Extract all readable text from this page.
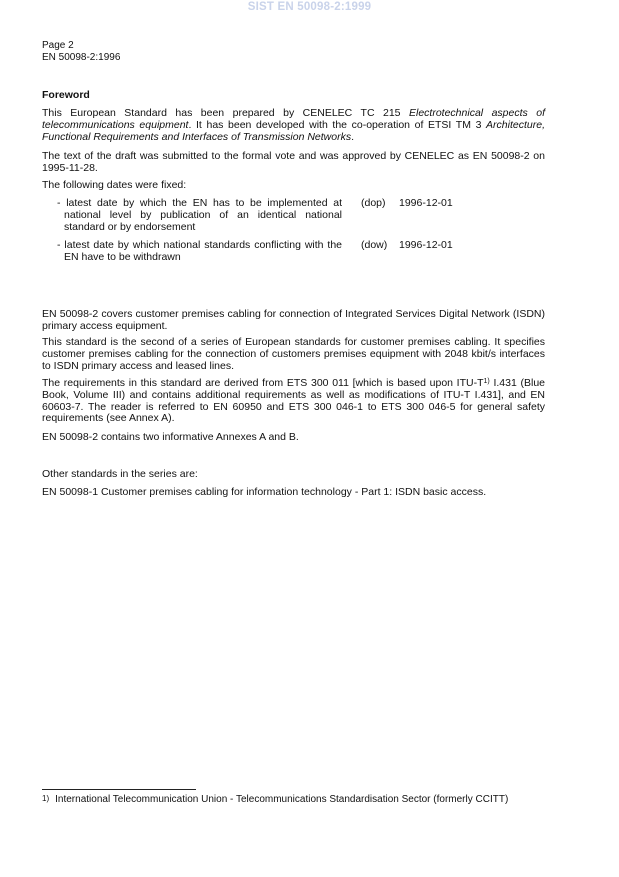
SIST EN 50098-2:1999
Page 2
EN 50098-2:1996
Foreword
This European Standard has been prepared by CENELEC TC 215 Electrotechnical aspects of telecommunications equipment. It has been developed with the co-operation of ETSI TM 3 Architecture, Functional Requirements and Interfaces of Transmission Networks.
The text of the draft was submitted to the formal vote and was approved by CENELEC as EN 50098-2 on 1995-11-28.
The following dates were fixed:
- latest date by which the EN has to be implemented at national level by publication of an identical national standard or by endorsement
(dop) 1996-12-01
- latest date by which national standards conflicting with the EN have to be withdrawn
(dow) 1996-12-01
EN 50098-2 covers customer premises cabling for connection of Integrated Services Digital Network (ISDN) primary access equipment.
This standard is the second of a series of European standards for customer premises cabling. It specifies customer premises cabling for the connection of customers premises equipment with 2048 kbit/s interfaces to ISDN primary access and leased lines.
The requirements in this standard are derived from ETS 300 011 [which is based upon ITU-$T^{1)}$ I.431 (Blue Book, Volume III) and contains additional requirements as well as modifications of ITU-T I.431], and EN 60603-7. The reader is referred to EN 60950 and ETS 300 046-1 to ETS 300 046-5 for general safety requirements (see Annex A).
EN 50098-2 contains two informative Annexes A and B.
Other standards in the series are:
EN 50098-1 Customer premises cabling for information technology - Part 1: ISDN basic access.
$^{1)}$ International Telecommunication Union - Telecommunications Standardisation Sector (formerly CCITT)
